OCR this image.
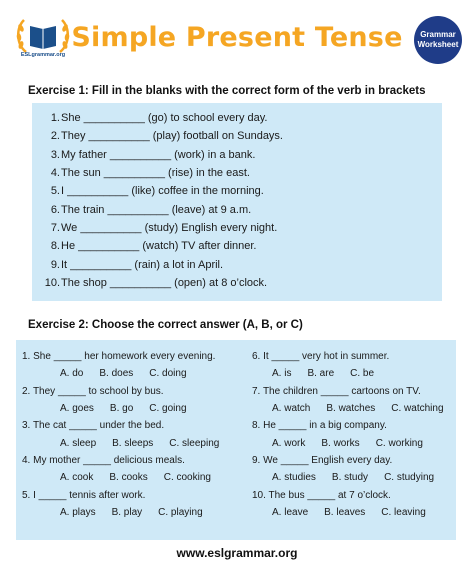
ESLgrammar.org
Simple Present Tense	Grammar
Worksheet
Exercise 1: Fill in the blanks with the correct form of the verb in brackets
1. She __________ (go) to school every day.
2. They __________ (play) football on Sundays.
3. My father __________ (work) in a bank.
4. The sun __________ (rise) in the east.
5. I __________ (like) coffee in the morning.
6. The train __________ (leave) at 9 a.m.
7. We __________ (study) English every night.
8. He __________ (watch) TV after dinner.
9. It __________ (rain) a lot in April.
10. The shop __________ (open) at 8 o’clock.
Exercise 2: Choose the correct answer (A, B, or C)
1. She _____ her homework every evening.
A. do B. does C. doing
2. They _____ to school by bus.
A. goes B. go C. going
3. The cat _____ under the bed.
A. sleep B. sleeps C. sleeping
4. My mother _____ delicious meals.
A. cook B. cooks C. cooking
5. I _____ tennis after work.
A. plays B. play C. playing
6. It _____ very hot in summer.
A. is B. are C. be
7. The children _____ cartoons on TV.
A. watch B. watches C. watching
8. He _____ in a big company.
A. work B. works C. working
9. We _____ English every day.
A. studies B. study C. studying
10. The bus _____ at 7 o’clock.
A. leave B. leaves C. leaving
www.eslgrammar.org
